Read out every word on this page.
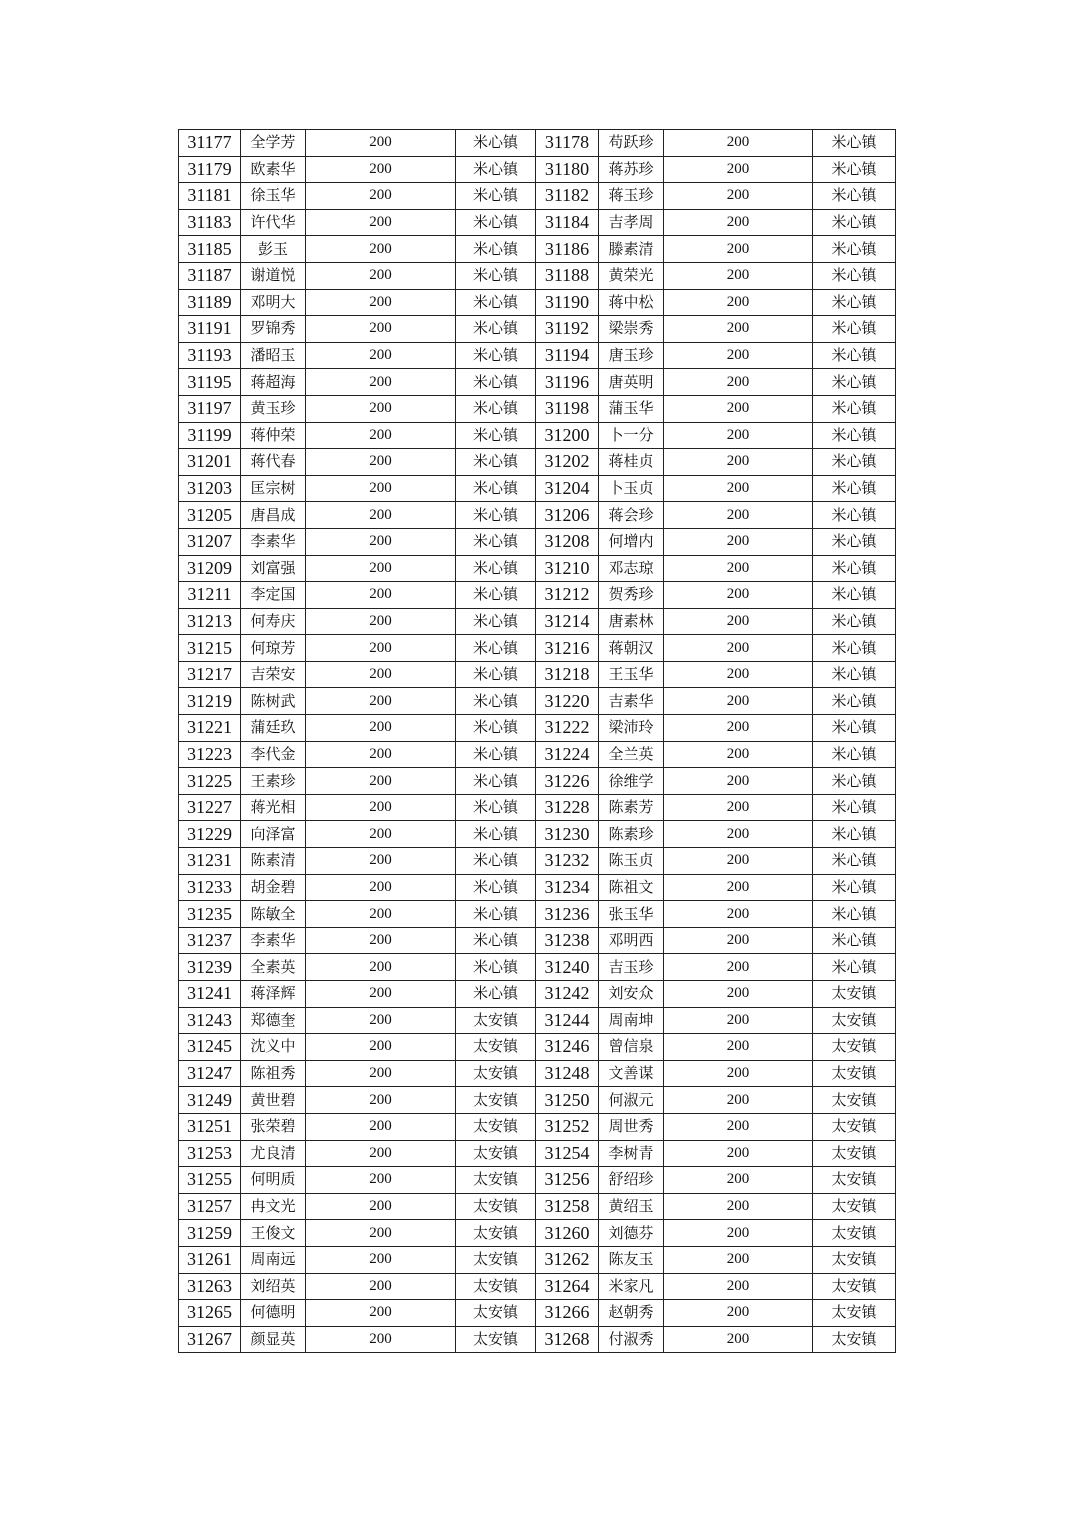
31177	全学芳	200	米心镇	31178	苟跃珍	200	米心镇
31179	欧素华	200	米心镇	31180	蒋苏珍	200	米心镇
31181	徐玉华	200	米心镇	31182	蒋玉珍	200	米心镇
31183	许代华	200	米心镇	31184	吉孝周	200	米心镇
31185	彭玉	200	米心镇	31186	滕素清	200	米心镇
31187	谢道悦	200	米心镇	31188	黄荣光	200	米心镇
31189	邓明大	200	米心镇	31190	蒋中松	200	米心镇
31191	罗锦秀	200	米心镇	31192	梁崇秀	200	米心镇
31193	潘昭玉	200	米心镇	31194	唐玉珍	200	米心镇
31195	蒋超海	200	米心镇	31196	唐英明	200	米心镇
31197	黄玉珍	200	米心镇	31198	蒲玉华	200	米心镇
31199	蒋仲荣	200	米心镇	31200	卜一分	200	米心镇
31201	蒋代春	200	米心镇	31202	蒋桂贞	200	米心镇
31203	匡宗树	200	米心镇	31204	卜玉贞	200	米心镇
31205	唐昌成	200	米心镇	31206	蒋会珍	200	米心镇
31207	李素华	200	米心镇	31208	何增内	200	米心镇
31209	刘富强	200	米心镇	31210	邓志琼	200	米心镇
31211	李定国	200	米心镇	31212	贺秀珍	200	米心镇
31213	何寿庆	200	米心镇	31214	唐素林	200	米心镇
31215	何琼芳	200	米心镇	31216	蒋朝汉	200	米心镇
31217	吉荣安	200	米心镇	31218	王玉华	200	米心镇
31219	陈树武	200	米心镇	31220	吉素华	200	米心镇
31221	蒲廷玖	200	米心镇	31222	梁沛玲	200	米心镇
31223	李代金	200	米心镇	31224	全兰英	200	米心镇
31225	王素珍	200	米心镇	31226	徐维学	200	米心镇
31227	蒋光相	200	米心镇	31228	陈素芳	200	米心镇
31229	向泽富	200	米心镇	31230	陈素珍	200	米心镇
31231	陈素清	200	米心镇	31232	陈玉贞	200	米心镇
31233	胡金碧	200	米心镇	31234	陈祖文	200	米心镇
31235	陈敏全	200	米心镇	31236	张玉华	200	米心镇
31237	李素华	200	米心镇	31238	邓明西	200	米心镇
31239	全素英	200	米心镇	31240	吉玉珍	200	米心镇
31241	蒋泽辉	200	米心镇	31242	刘安众	200	太安镇
31243	郑德奎	200	太安镇	31244	周南坤	200	太安镇
31245	沈义中	200	太安镇	31246	曾信泉	200	太安镇
31247	陈祖秀	200	太安镇	31248	文善谋	200	太安镇
31249	黄世碧	200	太安镇	31250	何淑元	200	太安镇
31251	张荣碧	200	太安镇	31252	周世秀	200	太安镇
31253	尤良清	200	太安镇	31254	李树青	200	太安镇
31255	何明质	200	太安镇	31256	舒绍珍	200	太安镇
31257	冉文光	200	太安镇	31258	黄绍玉	200	太安镇
31259	王俊文	200	太安镇	31260	刘德芬	200	太安镇
31261	周南远	200	太安镇	31262	陈友玉	200	太安镇
31263	刘绍英	200	太安镇	31264	米家凡	200	太安镇
31265	何德明	200	太安镇	31266	赵朝秀	200	太安镇
31267	颜显英	200	太安镇	31268	付淑秀	200	太安镇
